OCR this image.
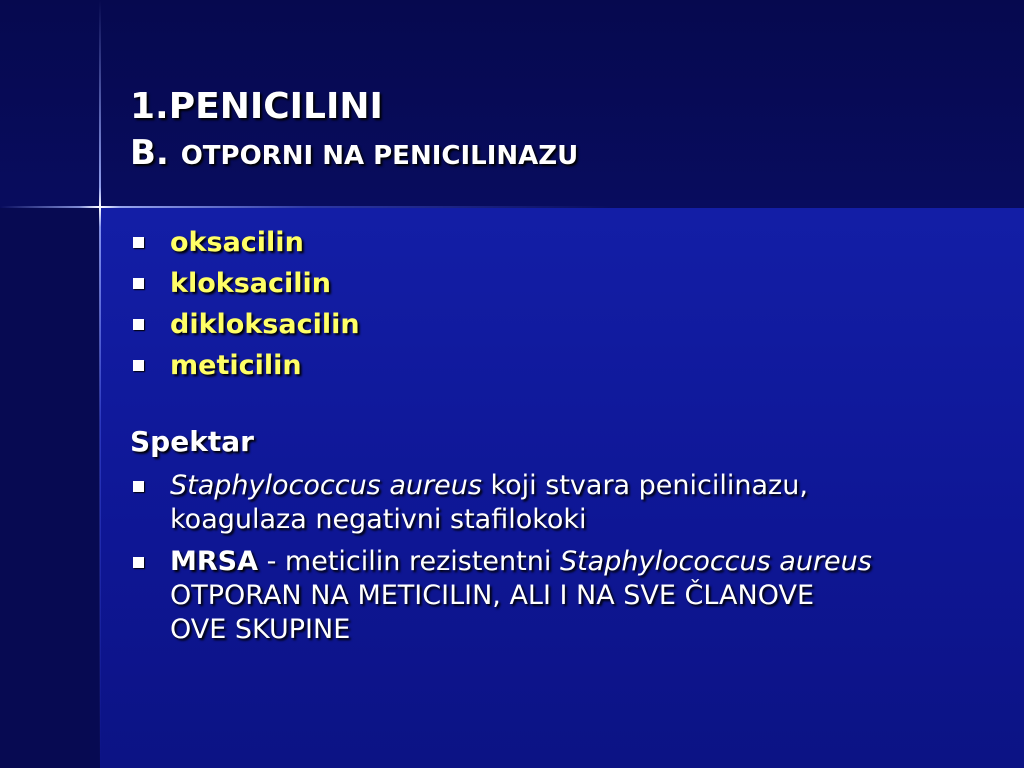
1.PENICILINI
B. OTPORNI NA PENICILINAZU
oksacilin
kloksacilin
dikloksacilin
meticilin
Spektar
Staphylococcus aureus koji stvara penicilinazu,
koagulaza negativni stafilokoki
MRSA - meticilin rezistentni Staphylococcus aureus
OTPORAN NA METICILIN, ALI I NA SVE ČLANOVE
OVE SKUPINE
